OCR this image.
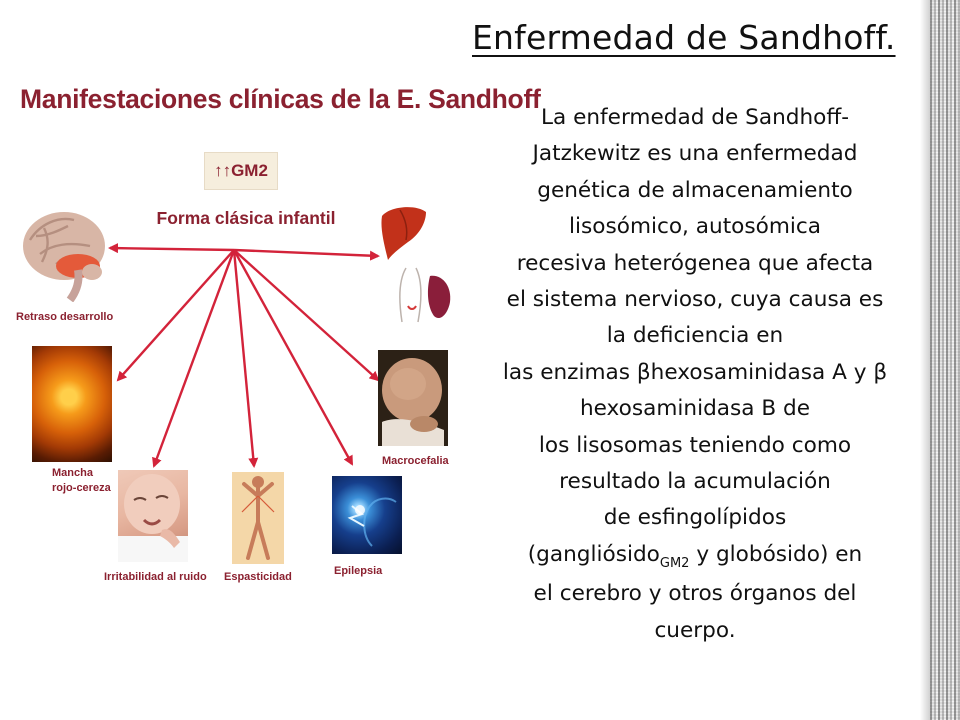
Enfermedad de Sandhoff.
La enfermedad de Sandhoff-
Jatzkewitz es una enfermedad
genética de almacenamiento
lisosómico, autosómica
recesiva heterógenea que afecta
el sistema nervioso, cuya causa es
la deficiencia en
las enzimas βhexosaminidasa A y β
hexosaminidasa B de
los lisosomas teniendo como
resultado la acumulación
de esfingolípidos
(gangliósido$_{GM2}$ y globósido) en
el cerebro y otros órganos del
cuerpo.
Manifestaciones clínicas de la E. Sandhoff
↑↑GM2
Forma clásica infantil
Retraso desarrollo
Mancha
rojo-cereza
Irritabilidad al ruido Espasticidad	Epilepsia
Macrocefalia
